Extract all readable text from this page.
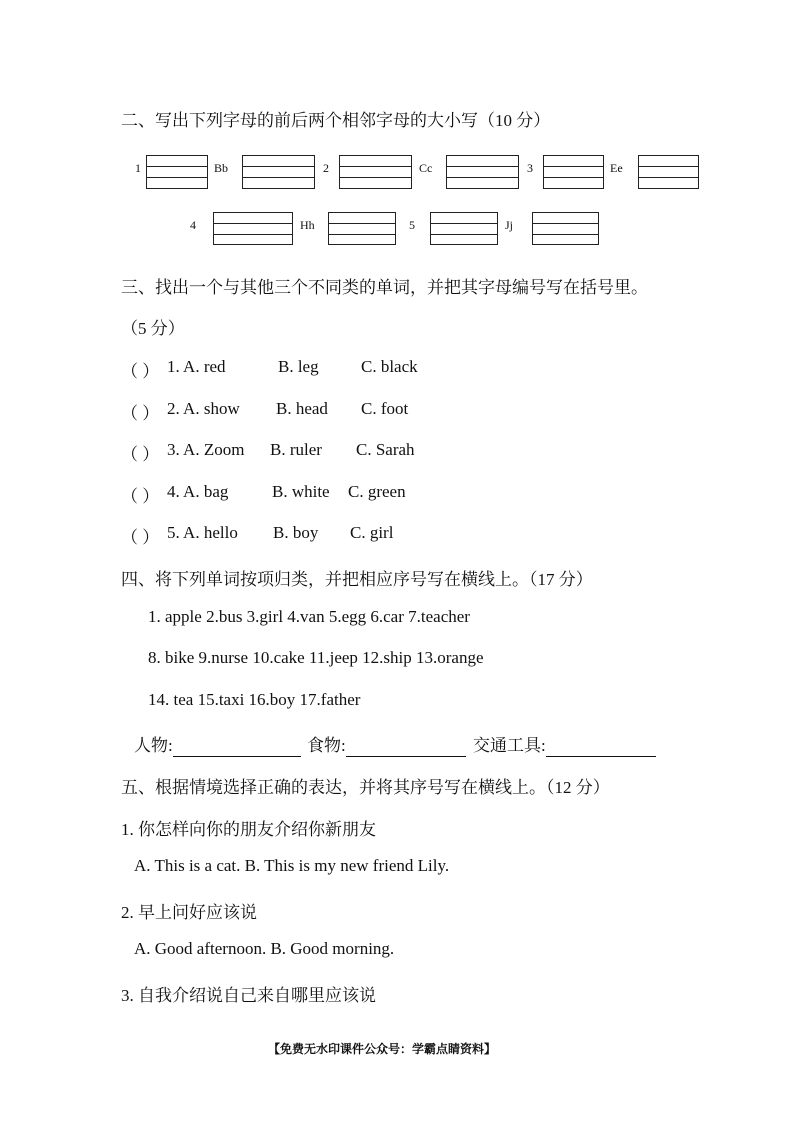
二、写出下列字母的前后两个相邻字母的大小写（10 分）
1	Bb	2	Cc	3	Ee
4	Hh	5	Jj
三、找出一个与其他三个不同类的单词，并把其字母编号写在括号里。
（5 分）
（ ） 1. A. red	B. leg C. black
（ ） 2. A. show B. head C. foot
（ ） 3. A. Zoom B. ruler C. Sarah
（ ） 4. A. bag	B. white C. green
（ ） 5. A. hello B. boy C. girl
四、将下列单词按项归类，并把相应序号写在横线上。（17 分）
1. apple 2.bus 3.girl 4.van 5.egg 6.car 7.teacher
8. bike 9.nurse 10.cake 11.jeep 12.ship 13.orange
14. tea 15.taxi 16.boy 17.father
人物:	食物:	交通工具:
五、根据情境选择正确的表达，并将其序号写在横线上。（12 分）
1. 你怎样向你的朋友介绍你新朋友
A. This is a cat. B. This is my new friend Lily.
2. 早上问好应该说
A. Good afternoon. B. Good morning.
3. 自我介绍说自己来自哪里应该说
【免费无水印课件公众号：学霸点睛资料】
